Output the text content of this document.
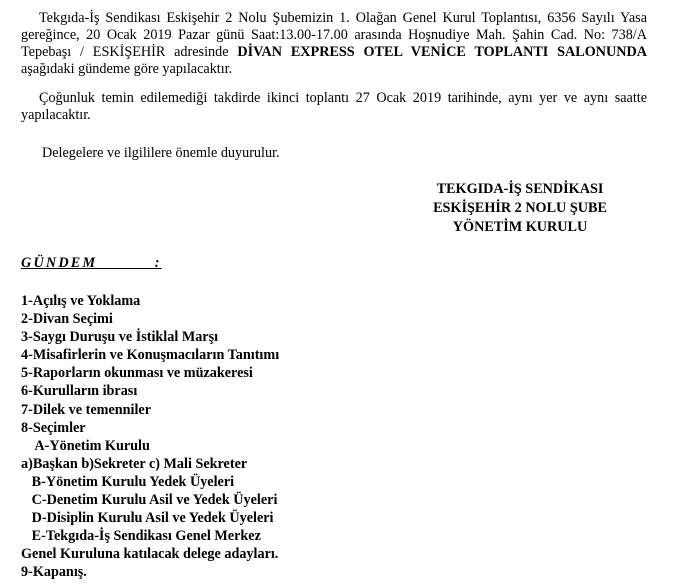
Tekgıda-İş Sendikası Eskişehir 2 Nolu Şubemizin 1. Olağan Genel Kurul Toplantısı, 6356 Sayılı Yasa gereğince, 20 Ocak 2019 Pazar günü Saat:13.00-17.00 arasında Hoşnudiye Mah. Şahin Cad. No: 738/A Tepebaşı / ESKİŞEHİR adresinde DİVAN EXPRESS OTEL VENİCE TOPLANTI SALONUNDA aşağıdaki gündeme göre yapılacaktır.

Çoğunluk temin edilemediği takdirde ikinci toplantı 27 Ocak 2019 tarihinde, aynı yer ve aynı saatte yapılacaktır.

Delegelere ve ilgililere önemle duyurulur.

TEKGIDA-İŞ SENDİKASI
ESKİŞEHİR 2 NOLU ŞUBE
YÖNETİM KURULU
GÜNDEM          :
1-Açılış ve Yoklama
2-Divan Seçimi
3-Saygı Duruşu ve İstiklal Marşı
4-Misafirlerin ve Konuşmacıların Tanıtımı
5-Raporların okunması ve müzakeresi
6-Kurulların ibrası
7-Dilek ve temenniler
8-Seçimler
A-Yönetim Kurulu
a)Başkan b)Sekreter c) Mali Sekreter
B-Yönetim Kurulu Yedek Üyeleri
C-Denetim Kurulu Asil ve Yedek Üyeleri
D-Disiplin Kurulu Asil ve Yedek Üyeleri
E-Tekgıda-İş Sendikası Genel Merkez
Genel Kuruluna katılacak delege adayları.
9-Kapanış.
